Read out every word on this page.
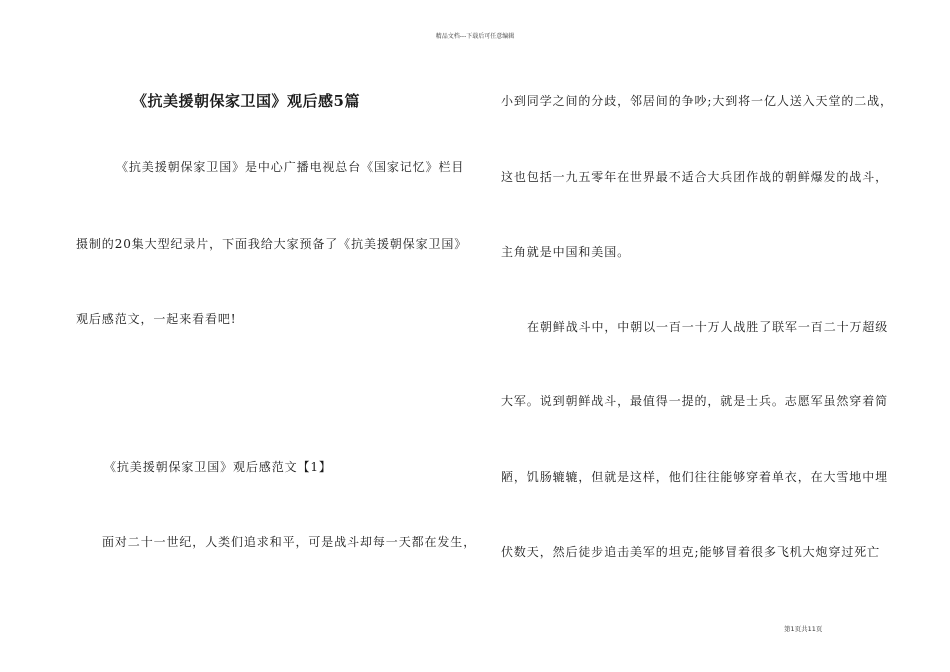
精品文档---下载后可任意编辑
《抗美援朝保家卫国》观后感5篇
《抗美援朝保家卫国》是中心广播电视总台《国家记忆》栏目
摄制的20集大型纪录片，下面我给大家预备了《抗美援朝保家卫国》
观后感范文，一起来看看吧!
《抗美援朝保家卫国》观后感范文【1】
面对二十一世纪，人类们追求和平，可是战斗却每一天都在发生，
小到同学之间的分歧，邻居间的争吵;大到将一亿人送入天堂的二战，
这也包括一九五零年在世界最不适合大兵团作战的朝鲜爆发的战斗，
主角就是中国和美国。
在朝鲜战斗中，中朝以一百一十万人战胜了联军一百二十万超级
大军。说到朝鲜战斗，最值得一提的，就是士兵。志愿军虽然穿着简
陋，饥肠辘辘，但就是这样，他们往往能够穿着单衣，在大雪地中埋
伏数天，然后徒步追击美军的坦克;能够冒着很多飞机大炮穿过死亡
第1页共11页
